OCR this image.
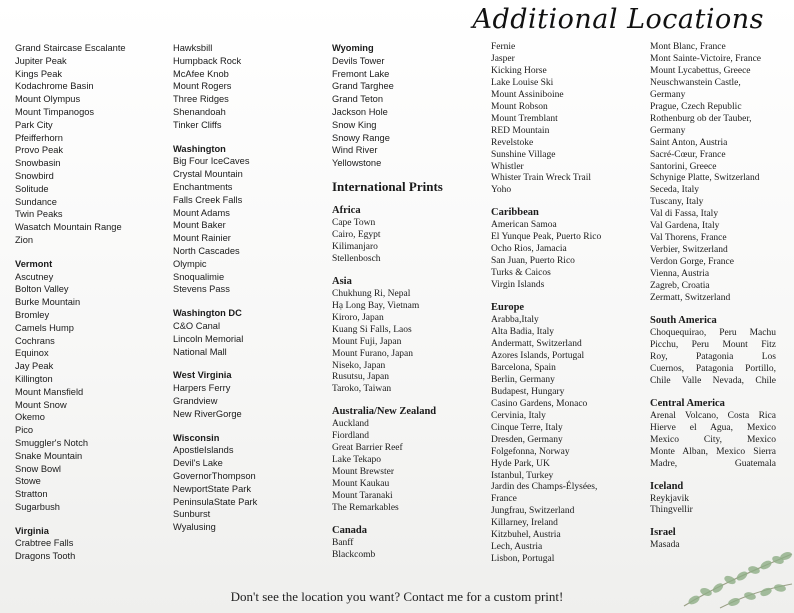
Additional Locations
Grand Staircase Escalante
Jupiter Peak
Kings Peak
Kodachrome Basin
Mount Olympus
Mount Timpanogos
Park City
Pfeifferhorn
Provo Peak
Snowbasin
Snowbird
Solitude
Sundance
Twin Peaks
Wasatch Mountain Range
Zion
Vermont
Ascutney
Bolton Valley
Burke Mountain
Bromley
Camels Hump
Cochrans
Equinox
Jay Peak
Killington
Mount Mansfield
Mount Snow
Okemo
Pico
Smuggler's Notch
Snake Mountain
Snow Bowl
Stowe
Stratton
Sugarbush
Virginia
Crabtree Falls
Dragons Tooth
Hawksbill
Humpback Rock
McAfee Knob
Mount Rogers
Three Ridges
Shenandoah
Tinker Cliffs
Washington
Big Four IceCaves
Crystal Mountain
Enchantments
Falls Creek Falls
Mount Adams
Mount Baker
Mount Rainier
North Cascades
Olympic
Snoqualimie
Stevens Pass
Washington DC
C&O Canal
Lincoln Memorial
National Mall
West Virginia
Harpers Ferry
Grandview
New RiverGorge
Wisconsin
ApostleIslands
Devil's Lake
GovernorThompson
NewportState Park
PeninsulaState Park
Sunburst
Wyalusing
Wyoming
Devils Tower
Fremont Lake
Grand Targhee
Grand Teton
Jackson Hole
Snow King
Snowy Range
Wind River
Yellowstone
International Prints
Africa
Cape Town
Cairo, Egypt
Kilimanjaro
Stellenbosch
Asia
Chukhung Ri, Nepal
Hạ Long Bay, Vietnam
Kiroro, Japan
Kuang Si Falls, Laos
Mount Fuji, Japan
Mount Furano, Japan
Niseko, Japan
Rusutsu, Japan
Taroko, Taiwan
Australia/New Zealand
Auckland
Fiordland
Great Barrier Reef
Lake Tekapo
Mount Brewster
Mount Kaukau
Mount Taranaki
The Remarkables
Canada
Banff
Blackcomb
Fernie
Jasper
Kicking Horse
Lake Louise Ski
Mount Assiniboine
Mount Robson
Mount Tremblant
RED Mountain
Revelstoke
Sunshine Village
Whistler
Whister Train Wreck Trail
Yoho
Caribbean
American Samoa
El Yunque Peak, Puerto Rico
Ocho Rios, Jamacia
San Juan, Puerto Rico
Turks & Caicos
Virgin Islands
Europe
Arabba,Italy
Alta Badia, Italy
Andermatt, Switzerland
Azores Islands, Portugal
Barcelona, Spain
Berlin, Germany
Budapest, Hungary
Casino Gardens, Monaco
Cervinia, Italy
Cinque Terre, Italy
Dresden, Germany
Folgefonna, Norway
Hyde Park, UK
Istanbul, Turkey
Jardin des Champs-Élysées,
France
Jungfrau, Switzerland
Killarney, Ireland
Kitzbuhel, Austria
Lech, Austria
Lisbon, Portugal
Mont Blanc, France
Mont Sainte-Victoire, France
Mount Lycabettus, Greece
Neuschwanstein Castle,
Germany
Prague, Czech Republic
Rothenburg ob der Tauber,
Germany
Saint Anton, Austria
Sacré-Cœur, France
Santorini, Greece
Schynige Platte, Switzerland
Seceda, Italy
Tuscany, Italy
Val di Fassa, Italy
Val Gardena, Italy
Val Thorens, France
Verbier, Switzerland
Verdon Gorge, France
Vienna, Austria
Zagreb, Croatia
Zermatt, Switzerland
South America
Choquequirao, Peru Machu
Picchu, Peru Mount Fitz
Roy, Patagonia Los
Cuernos, Patagonia Portillo,
Chile Valle Nevada, Chile
Central America
Arenal Volcano, Costa Rica
Hierve el Agua, Mexico
Mexico City, Mexico
Monte Alban, Mexico Sierra
Madre, Guatemala
Iceland
Reykjavik
Thingvellir
Israel
Masada
Don't see the location you want? Contact me for a custom print!
